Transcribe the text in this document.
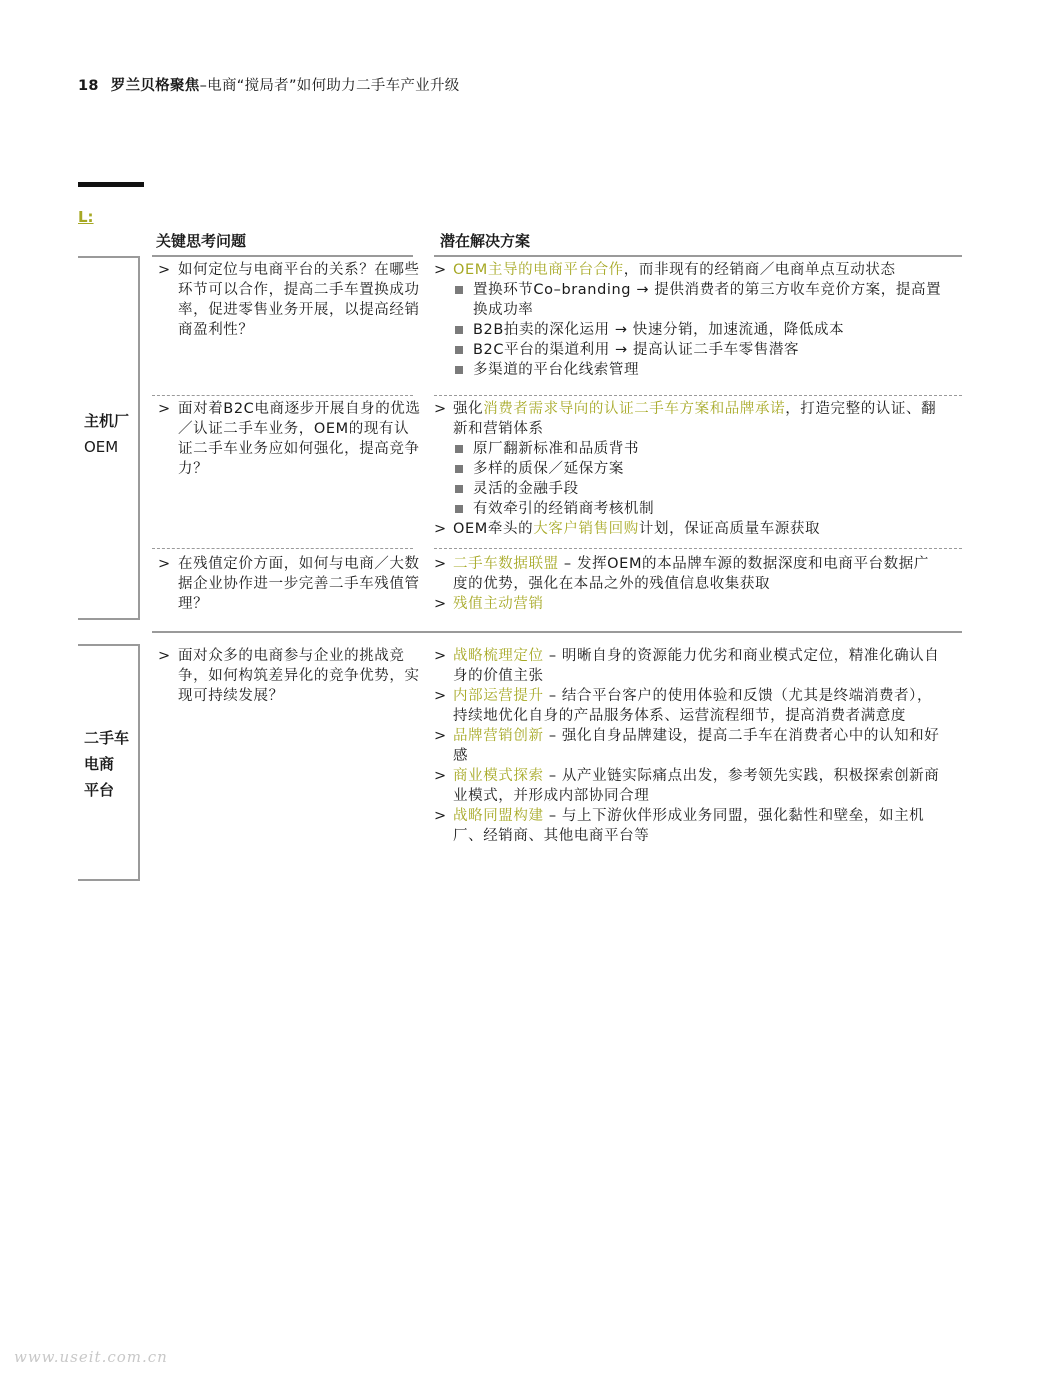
18 罗兰贝格聚焦–电商“搅局者”如何助力二手车产业升级
L:
关键思考问题	潜在解决方案
主机厂
OEM
> 如何定位与电商平台的关系？在哪些环节可以合作，提高二手车置换成功率，促进零售业务开展，以提高经销商盈利性？
> OEM主导的电商平台合作，而非现有的经销商／电商单点互动状态
置换环节Co–branding → 提供消费者的第三方收车竞价方案，提高置换成功率
B2B拍卖的深化运用 → 快速分销，加速流通，降低成本
B2C平台的渠道利用 → 提高认证二手车零售潜客
多渠道的平台化线索管理
> 面对着B2C电商逐步开展自身的优选／认证二手车业务，OEM的现有认证二手车业务应如何强化，提高竞争力？
> 强化消费者需求导向的认证二手车方案和品牌承诺，打造完整的认证、翻新和营销体系
原厂翻新标准和品质背书
多样的质保／延保方案
灵活的金融手段
有效牵引的经销商考核机制
> OEM牵头的大客户销售回购计划，保证高质量车源获取
> 在残值定价方面，如何与电商／大数据企业协作进一步完善二手车残值管理？
> 二手车数据联盟 – 发挥OEM的本品牌车源的数据深度和电商平台数据广度的优势，强化在本品之外的残值信息收集获取
> 残值主动营销
二手车
电商
平台
> 面对众多的电商参与企业的挑战竞争，如何构筑差异化的竞争优势，实现可持续发展？
> 战略梳理定位 – 明晰自身的资源能力优劣和商业模式定位，精准化确认自身的价值主张
> 内部运营提升 – 结合平台客户的使用体验和反馈（尤其是终端消费者），持续地优化自身的产品服务体系、运营流程细节，提高消费者满意度
> 品牌营销创新 – 强化自身品牌建设，提高二手车在消费者心中的认知和好感
> 商业模式探索 – 从产业链实际痛点出发，参考领先实践，积极探索创新商业模式，并形成内部协同合理
> 战略同盟构建 – 与上下游伙伴形成业务同盟，强化黏性和壁垒，如主机厂、经销商、其他电商平台等
www.useit.com.cn
